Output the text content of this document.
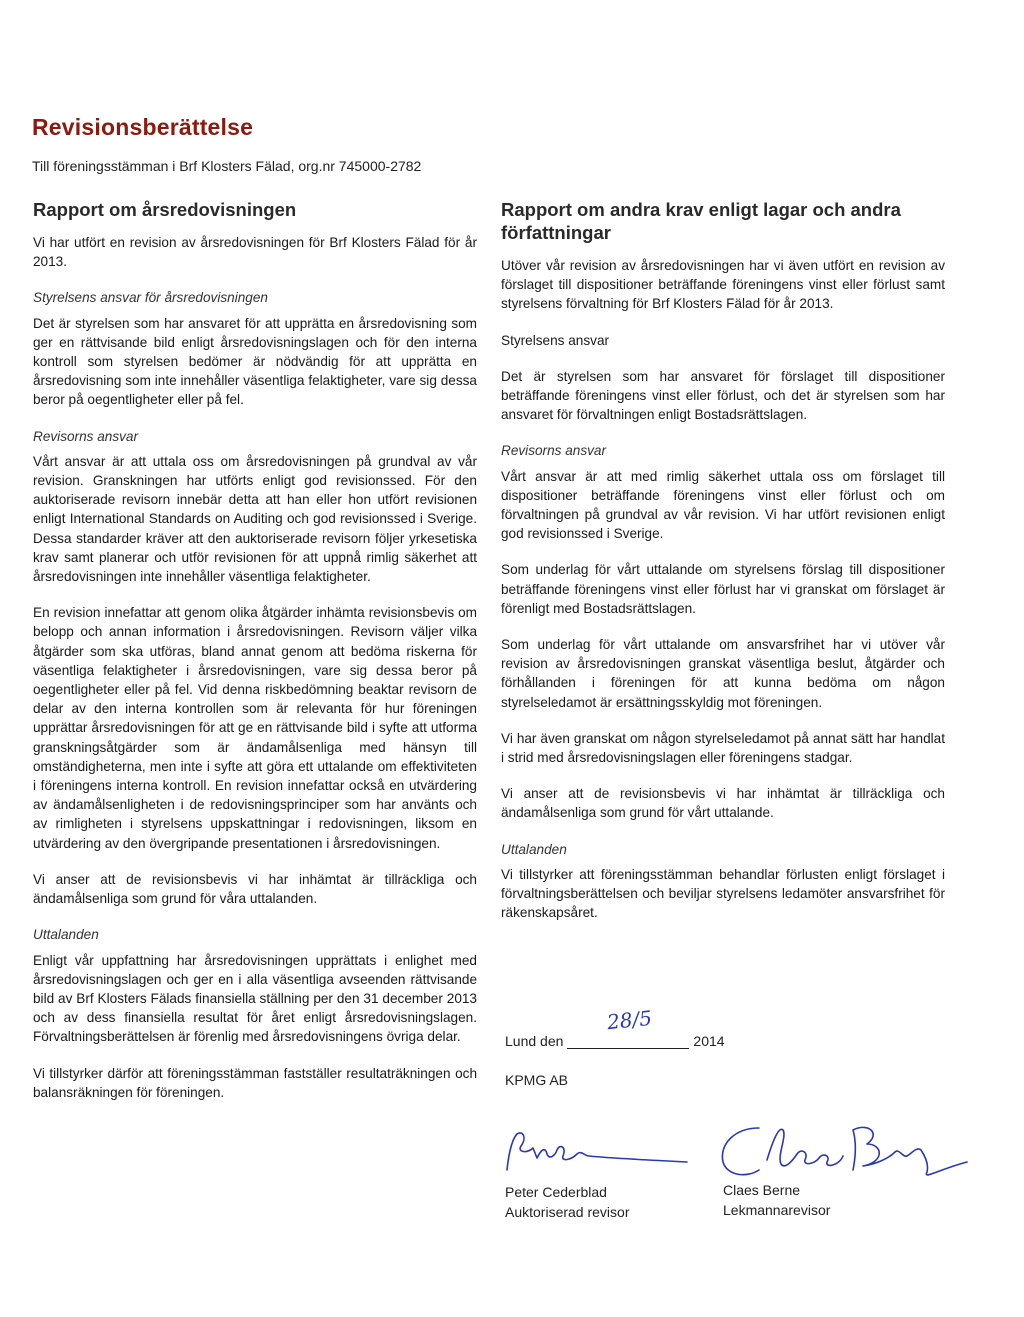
Revisionsberättelse

Till föreningsstämman i Brf Klosters Fälad, org.nr 745000-2782

Rapport om årsredovisningen

Vi har utfört en revision av årsredovisningen för Brf Klosters Fälad för år 2013.

Styrelsens ansvar för årsredovisningen

Det är styrelsen som har ansvaret för att upprätta en årsredovisning som ger en rättvisande bild enligt årsredovisningslagen och för den interna kontroll som styrelsen bedömer är nödvändig för att upprätta en årsredovisning som inte innehåller väsentliga felaktigheter, vare sig dessa beror på oegentligheter eller på fel.

Revisorns ansvar

Vårt ansvar är att uttala oss om årsredovisningen på grundval av vår revision. Granskningen har utförts enligt god revisionssed. För den auktoriserade revisorn innebär detta att han eller hon utfört revisionen enligt International Standards on Auditing och god revisionssed i Sverige. Dessa standarder kräver att den auktoriserade revisorn följer yrkesetiska krav samt planerar och utför revisionen för att uppnå rimlig säkerhet att årsredovisningen inte innehåller väsentliga felaktigheter.

En revision innefattar att genom olika åtgärder inhämta revisionsbevis om belopp och annan information i årsredovisningen. Revisorn väljer vilka åtgärder som ska utföras, bland annat genom att bedöma riskerna för väsentliga felaktigheter i årsredovisningen, vare sig dessa beror på oegentligheter eller på fel. Vid denna riskbedömning beaktar revisorn de delar av den interna kontrollen som är relevanta för hur föreningen upprättar årsredovisningen för att ge en rättvisande bild i syfte att utforma granskningsåtgärder som är ändamålsenliga med hänsyn till omständigheterna, men inte i syfte att göra ett uttalande om effektiviteten i föreningens interna kontroll. En revision innefattar också en utvärdering av ändamålsenligheten i de redovisningsprinciper som har använts och av rimligheten i styrelsens uppskattningar i redovisningen, liksom en utvärdering av den övergripande presentationen i årsredovisningen.

Vi anser att de revisionsbevis vi har inhämtat är tillräckliga och ändamålsenliga som grund för våra uttalanden.

Uttalanden

Enligt vår uppfattning har årsredovisningen upprättats i enlighet med årsredovisningslagen och ger en i alla väsentliga avseenden rättvisande bild av Brf Klosters Fälads finansiella ställning per den 31 december 2013 och av dess finansiella resultat för året enligt årsredovisningslagen. Förvaltningsberättelsen är förenlig med årsredovisningens övriga delar.

Vi tillstyrker därför att föreningsstämman fastställer resultaträkningen och balansräkningen för föreningen.

Rapport om andra krav enligt lagar och andra författningar

Utöver vår revision av årsredovisningen har vi även utfört en revision av förslaget till dispositioner beträffande föreningens vinst eller förlust samt styrelsens förvaltning för Brf Klosters Fälad för år 2013.

Styrelsens ansvar

Det är styrelsen som har ansvaret för förslaget till dispositioner beträffande föreningens vinst eller förlust, och det är styrelsen som har ansvaret för förvaltningen enligt Bostadsrättslagen.

Revisorns ansvar

Vårt ansvar är att med rimlig säkerhet uttala oss om förslaget till dispositioner beträffande föreningens vinst eller förlust och om förvaltningen på grundval av vår revision. Vi har utfört revisionen enligt god revisionssed i Sverige.

Som underlag för vårt uttalande om styrelsens förslag till dispositioner beträffande föreningens vinst eller förlust har vi granskat om förslaget är förenligt med Bostadsrättslagen.

Som underlag för vårt uttalande om ansvarsfrihet har vi utöver vår revision av årsredovisningen granskat väsentliga beslut, åtgärder och förhållanden i föreningen för att kunna bedöma om någon styrelseledamot är ersättningsskyldig mot föreningen.

Vi har även granskat om någon styrelseledamot på annat sätt har handlat i strid med årsredovisningslagen eller föreningens stadgar.

Vi anser att de revisionsbevis vi har inhämtat är tillräckliga och ändamålsenliga som grund för vårt uttalande.

Uttalanden

Vi tillstyrker att föreningsstämman behandlar förlusten enligt förslaget i förvaltningsberättelsen och beviljar styrelsens ledamöter ansvarsfrihet för räkenskapsåret.

Lund den
28/5
2014
KPMG AB
Peter Cederblad
Auktoriserad revisor
Claes Berne
Lekmannarevisor
